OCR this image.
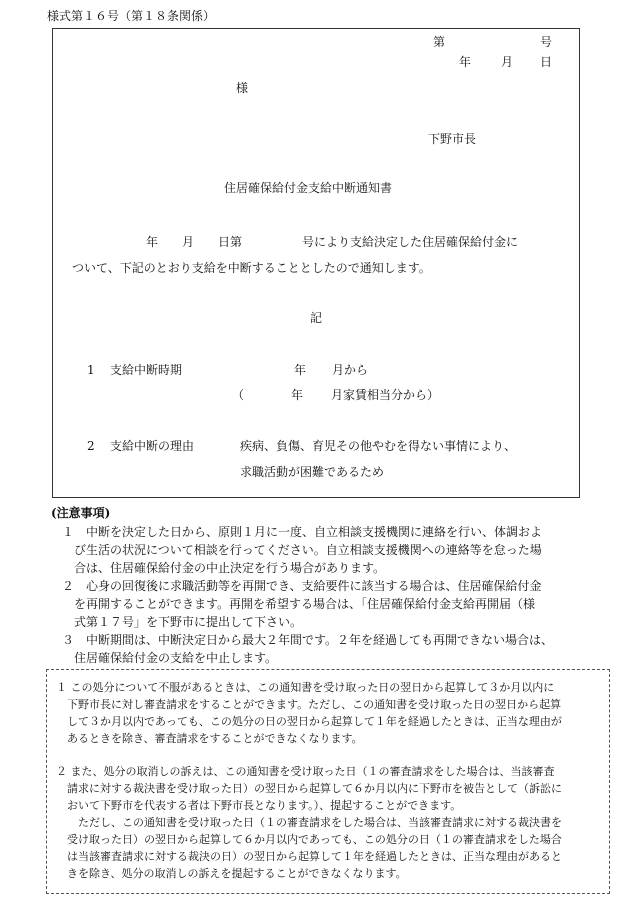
様式第１６号（第１８条関係）
第	号
年 月 日
様
下野市長
住居確保給付金支給中断通知書
年　　月　　日第　　　　　号により支給決定した住居確保給付金に
ついて、下記のとおり支給を中断することとしたので通知します。
記
1 支給中断時期	年 月から
（	年 月家賃相当分から）
2 支給中断の理由	疾病、負傷、育児その他やむを得ない事情により、
求職活動が困難であるため
(注意事項)
１　中断を決定した日から、原則１月に一度、自立相談支援機関に連絡を行い、体調およ
　び生活の状況について相談を行ってください。自立相談支援機関への連絡等を怠った場
　合は、住居確保給付金の中止決定を行う場合があります。
２　心身の回復後に求職活動等を再開でき、支給要件に該当する場合は、住居確保給付金
　を再開することができます。再開を希望する場合は、「住居確保給付金支給再開届（様
　式第１７号」を下野市に提出して下さい。
３　中断期間は、中断決定日から最大２年間です。２年を経過しても再開できない場合は、
　住居確保給付金の支給を中止します。
１ この処分について不服があるときは、この通知書を受け取った日の翌日から起算して３か月以内に
　下野市長に対し審査請求をすることができます。ただし、この通知書を受け取った日の翌日から起算
　して３か月以内であっても、この処分の日の翌日から起算して１年を経過したときは、正当な理由が
　あるときを除き、審査請求をすることができなくなります。
２ また、処分の取消しの訴えは、この通知書を受け取った日（１の審査請求をした場合は、当該審査
　請求に対する裁決書を受け取った日）の翌日から起算して６か月以内に下野市を被告として（訴訟に
　おいて下野市を代表する者は下野市長となります。）、提起することができます。
　　ただし、この通知書を受け取った日（１の審査請求をした場合は、当該審査請求に対する裁決書を
　受け取った日）の翌日から起算して６か月以内であっても、この処分の日（１の審査請求をした場合
　は当該審査請求に対する裁決の日）の翌日から起算して１年を経過したときは、正当な理由があると
　きを除き、処分の取消しの訴えを提起することができなくなります。
